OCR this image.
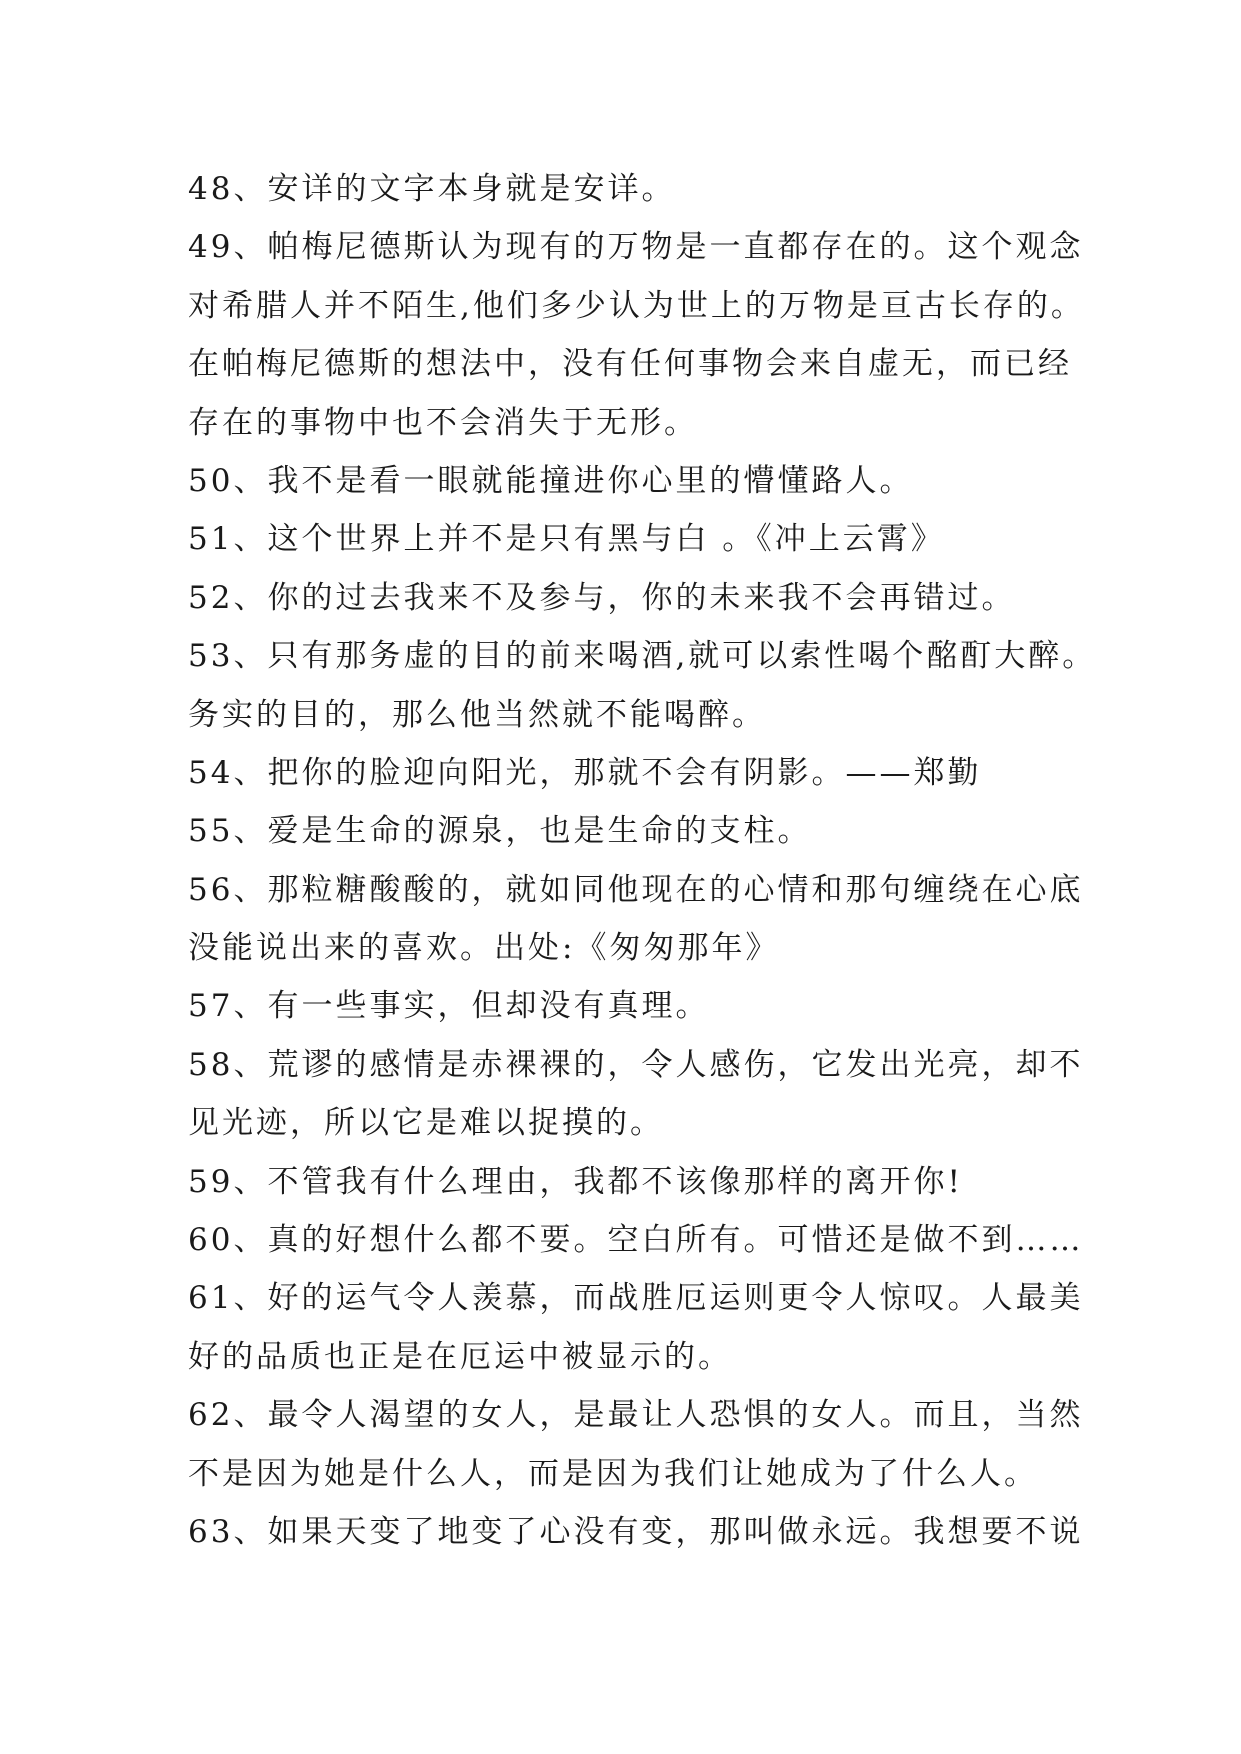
48、安详的文字本身就是安详。
49、帕梅尼德斯认为现有的万物是一直都存在的。这个观念
对希腊人并不陌生,他们多少认为世上的万物是亘古长存的。
在帕梅尼德斯的想法中，没有任何事物会来自虚无，而已经
存在的事物中也不会消失于无形。
50、我不是看一眼就能撞进你心里的懵懂路人。
51、这个世界上并不是只有黑与白 。《冲上云霄》
52、你的过去我来不及参与，你的未来我不会再错过。
53、只有那务虚的目的前来喝酒,就可以索性喝个酩酊大醉。
务实的目的，那么他当然就不能喝醉。
54、把你的脸迎向阳光，那就不会有阴影。——郑勤
55、爱是生命的源泉，也是生命的支柱。
56、那粒糖酸酸的，就如同他现在的心情和那句缠绕在心底
没能说出来的喜欢。出处:《匆匆那年》
57、有一些事实，但却没有真理。
58、荒谬的感情是赤裸裸的，令人感伤，它发出光亮，却不
见光迹，所以它是难以捉摸的。
59、不管我有什么理由，我都不该像那样的离开你!
60、真的好想什么都不要。空白所有。可惜还是做不到……
61、好的运气令人羡慕，而战胜厄运则更令人惊叹。人最美
好的品质也正是在厄运中被显示的。
62、最令人渴望的女人，是最让人恐惧的女人。而且，当然
不是因为她是什么人，而是因为我们让她成为了什么人。
63、如果天变了地变了心没有变，那叫做永远。我想要不说
